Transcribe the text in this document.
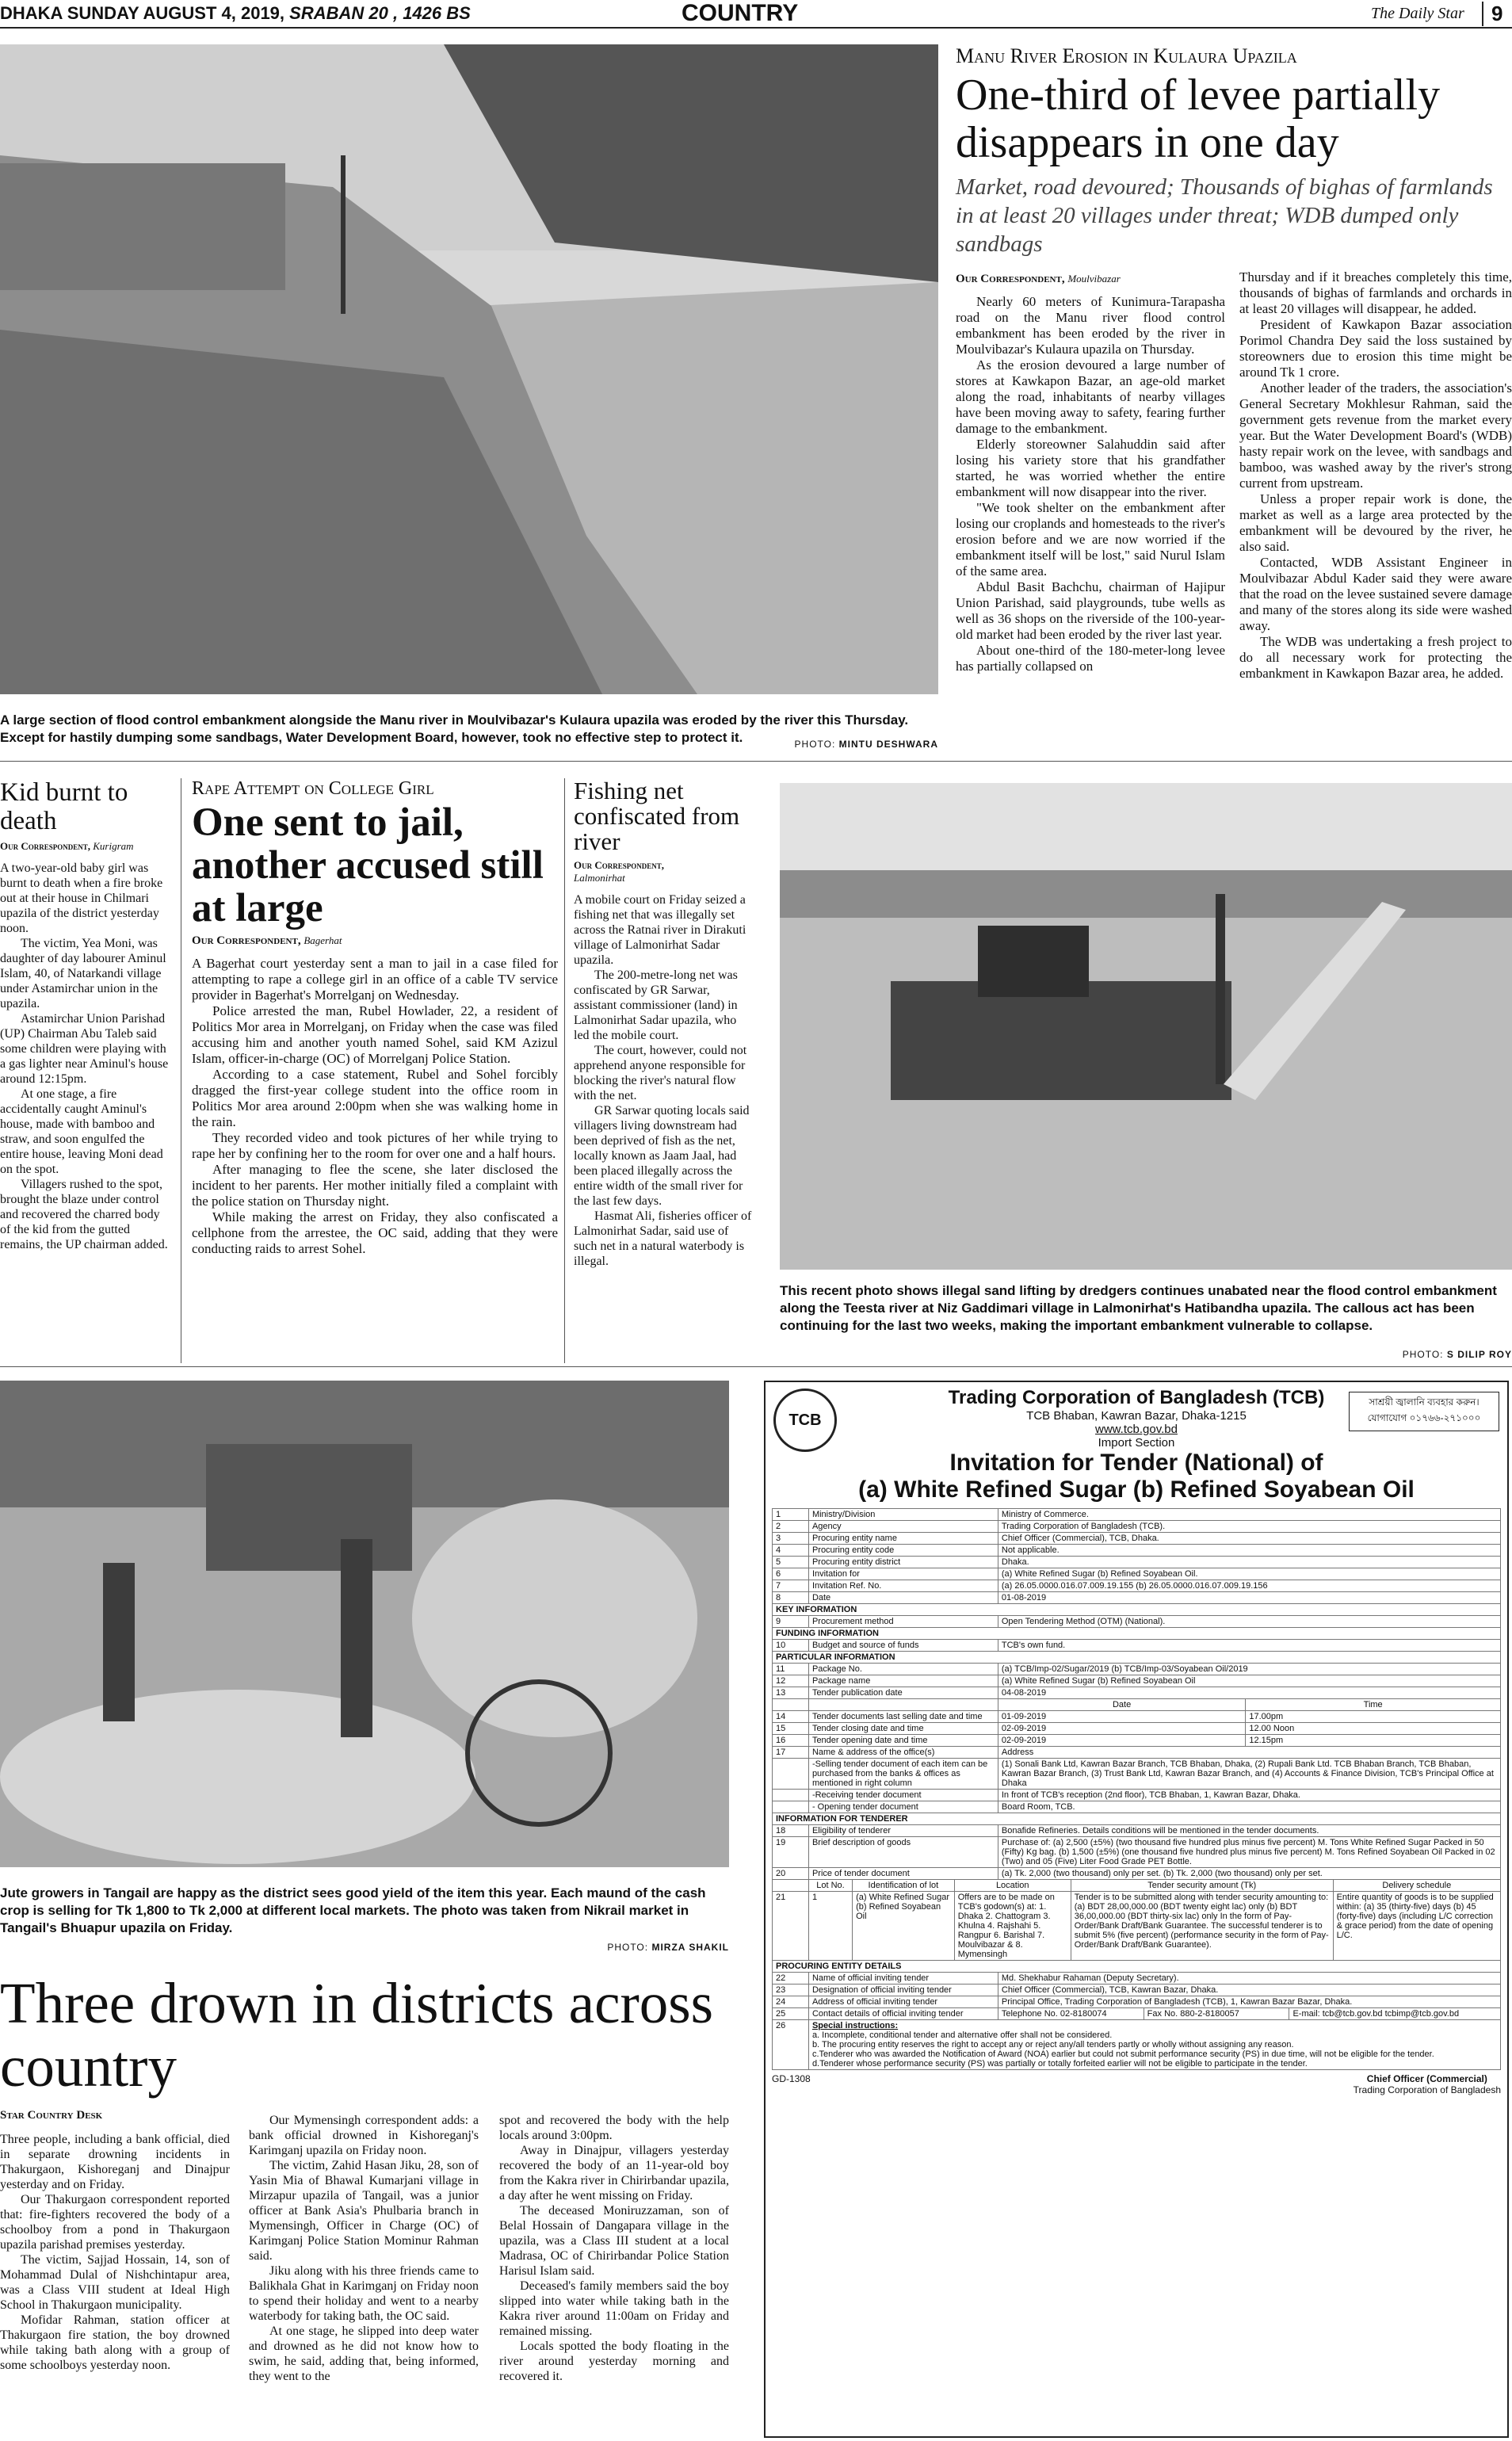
DHAKA SUNDAY AUGUST 4, 2019, SRABAN 20 , 1426 BS	COUNTRY	The Daily Star	9
A large section of flood control embankment alongside the Manu river in Moulvibazar's Kulaura upazila was eroded by the river this Thursday. Except for hastily dumping some sandbags, Water Development Board, however, took no effective step to protect it.	PHOTO: MINTU DESHWARA
Manu River Erosion in Kulaura Upazila
One-third of levee partially disappears in one day
Market, road devoured; Thousands of bighas of farmlands in at least 20 villages under threat; WDB dumped only sandbags
Our Correspondent, Moulvibazar

Nearly 60 meters of Kunimura-Tarapasha road on the Manu river flood control embankment has been eroded by the river in Moulvibazar's Kulaura upazila on Thursday.

As the erosion devoured a large number of stores at Kawkapon Bazar, an age-old market along the road, inhabitants of nearby villages have been moving away to safety, fearing further damage to the embankment.

Elderly storeowner Salahuddin said after losing his variety store that his grandfather started, he was worried whether the entire embankment will now disappear into the river.

"We took shelter on the embankment after losing our croplands and homesteads to the river's erosion before and we are now worried if the embankment itself will be lost," said Nurul Islam of the same area.

Abdul Basit Bachchu, chairman of Hajipur Union Parishad, said playgrounds, tube wells as well as 36 shops on the riverside of the 100-year-old market had been eroded by the river last year.

About one-third of the 180-meter-long levee has partially collapsed on

Thursday and if it breaches completely this time, thousands of bighas of farmlands and orchards in at least 20 villages will disappear, he added.

President of Kawkapon Bazar association Porimol Chandra Dey said the loss sustained by storeowners due to erosion this time might be around Tk 1 crore.

Another leader of the traders, the association's General Secretary Mokhlesur Rahman, said the government gets revenue from the market every year. But the Water Development Board's (WDB) hasty repair work on the levee, with sandbags and bamboo, was washed away by the river's strong current from upstream.

Unless a proper repair work is done, the market as well as a large area protected by the embankment will be devoured by the river, he also said.

Contacted, WDB Assistant Engineer in Moulvibazar Abdul Kader said they were aware that the road on the levee sustained severe damage and many of the stores along its side were washed away.

The WDB was undertaking a fresh project to do all necessary work for protecting the embankment in Kawkapon Bazar area, he added.

Kid burnt to death
Our Correspondent, Kurigram

A two-year-old baby girl was burnt to death when a fire broke out at their house in Chilmari upazila of the district yesterday noon.

The victim, Yea Moni, was daughter of day labourer Aminul Islam, 40, of Natarkandi village under Astamirchar union in the upazila.

Astamirchar Union Parishad (UP) Chairman Abu Taleb said some children were playing with a gas lighter near Aminul's house around 12:15pm.

At one stage, a fire accidentally caught Aminul's house, made with bamboo and straw, and soon engulfed the entire house, leaving Moni dead on the spot.

Villagers rushed to the spot, brought the blaze under control and recovered the charred body of the kid from the gutted remains, the UP chairman added.

Rape Attempt on College Girl
One sent to jail, another accused still at large
Our Correspondent, Bagerhat

A Bagerhat court yesterday sent a man to jail in a case filed for attempting to rape a college girl in an office of a cable TV service provider in Bagerhat's Morrelganj on Wednesday.

Police arrested the man, Rubel Howlader, 22, a resident of Politics Mor area in Morrelganj, on Friday when the case was filed accusing him and another youth named Sohel, said KM Azizul Islam, officer-in-charge (OC) of Morrelganj Police Station.

According to a case statement, Rubel and Sohel forcibly dragged the first-year college student into the office room in Politics Mor area around 2:00pm when she was walking home in the rain.

They recorded video and took pictures of her while trying to rape her by confining her to the room for over one and a half hours.

After managing to flee the scene, she later disclosed the incident to her parents. Her mother initially filed a complaint with the police station on Thursday night.

While making the arrest on Friday, they also confiscated a cellphone from the arrestee, the OC said, adding that they were conducting raids to arrest Sohel.

Fishing net confiscated from river
Our Correspondent,
Lalmonirhat

A mobile court on Friday seized a fishing net that was illegally set across the Ratnai river in Dirakuti village of Lalmonirhat Sadar upazila.

The 200-metre-long net was confiscated by GR Sarwar, assistant commissioner (land) in Lalmonirhat Sadar upazila, who led the mobile court.

The court, however, could not apprehend anyone responsible for blocking the river's natural flow with the net.

GR Sarwar quoting locals said villagers living downstream had been deprived of fish as the net, locally known as Jaam Jaal, had been placed illegally across the entire width of the small river for the last few days.

Hasmat Ali, fisheries officer of Lalmonirhat Sadar, said use of such net in a natural waterbody is illegal.

This recent photo shows illegal sand lifting by dredgers continues unabated near the flood control embankment along the Teesta river at Niz Gaddimari village in Lalmonirhat's Hatibandha upazila. The callous act has been continuing for the last two weeks, making the important embankment vulnerable to collapse.
PHOTO: S DILIP ROY
Jute growers in Tangail are happy as the district sees good yield of the item this year. Each maund of the cash crop is selling for Tk 1,800 to Tk 2,000 at different local markets. The photo was taken from Nikrail market in Tangail's Bhuapur upazila on Friday.
PHOTO: MIRZA SHAKIL
Three drown in districts across country
Star Country Desk

Three people, including a bank official, died in separate drowning incidents in Thakurgaon, Kishoreganj and Dinajpur yesterday and on Friday.

Our Thakurgaon correspondent reported that: fire-fighters recovered the body of a schoolboy from a pond in Thakurgaon upazila parishad premises yesterday.

The victim, Sajjad Hossain, 14, son of Mohammad Dulal of Nishchintapur area, was a Class VIII student at Ideal High School in Thakurgaon municipality.

Mofidar Rahman, station officer at Thakurgaon fire station, the boy drowned while taking bath along with a group of some schoolboys yesterday noon.

Our Mymensingh correspondent adds: a bank official drowned in Kishoreganj's Karimganj upazila on Friday noon.

The victim, Zahid Hasan Jiku, 28, son of Yasin Mia of Bhawal Kumarjani village in Mirzapur upazila of Tangail, was a junior officer at Bank Asia's Phulbaria branch in Mymensingh, Officer in Charge (OC) of Karimganj Police Station Mominur Rahman said.

Jiku along with his three friends came to Balikhala Ghat in Karimganj on Friday noon to spend their holiday and went to a nearby waterbody for taking bath, the OC said.

At one stage, he slipped into deep water and drowned as he did not know how to swim, he said, adding that, being informed, they went to the

spot and recovered the body with the help locals around 3:00pm.

Away in Dinajpur, villagers yesterday recovered the body of an 11-year-old boy from the Kakra river in Chirirbandar upazila, a day after he went missing on Friday.

The deceased Moniruzzaman, son of Belal Hossain of Dangapara village in the upazila, was a Class III student at a local Madrasa, OC of Chirirbandar Police Station Harisul Islam said.

Deceased's family members said the boy slipped into water while taking bath in the Kakra river around 11:00am on Friday and remained missing.

Locals spotted the body floating in the river around yesterday morning and recovered it.

TCB
সাশ্রয়ী জ্বালানি ব্যবহার করুন। যোগাযোগ ০১৭৬৬-২৭১০০০
Trading Corporation of Bangladesh (TCB)
TCB Bhaban, Kawran Bazar, Dhaka-1215
www.tcb.gov.bd
Import Section
Invitation for Tender (National) of
(a) White Refined Sugar (b) Refined Soyabean Oil
1	Ministry/Division	Ministry of Commerce.
2	Agency	Trading Corporation of Bangladesh (TCB).
3	Procuring entity name	Chief Officer (Commercial), TCB, Dhaka.
4	Procuring entity code	Not applicable.
5	Procuring entity district	Dhaka.
6	Invitation for	(a) White Refined Sugar (b) Refined Soyabean Oil.
7	Invitation Ref. No.	(a) 26.05.0000.016.07.009.19.155 (b) 26.05.0000.016.07.009.19.156
8	Date	01-08-2019
KEY INFORMATION		
9	Procurement method	Open Tendering Method (OTM) (National).
FUNDING INFORMATION		
10	Budget and source of funds	TCB's own fund.
PARTICULAR INFORMATION		
11	Package No.	(a) TCB/Imp-02/Sugar/2019 (b) TCB/Imp-03/Soyabean Oil/2019
12	Package name	(a) White Refined Sugar (b) Refined Soyabean Oil
13	Tender publication date	04-08-2019
		Date	Time
14	Tender documents last selling date and time	01-09-2019	17.00pm
15	Tender closing date and time	02-09-2019	12.00 Noon
16	Tender opening date and time	02-09-2019	12.15pm
17	Name & address of the office(s)	Address
	-Selling tender document of each item can be purchased from the banks & offices as mentioned in right column	(1) Sonali Bank Ltd, Kawran Bazar Branch, TCB Bhaban, Dhaka, (2) Rupali Bank Ltd. TCB Bhaban Branch, TCB Bhaban, Kawran Bazar Branch, (3) Trust Bank Ltd, Kawran Bazar Branch, and (4) Accounts & Finance Division, TCB's Principal Office at Dhaka
	-Receiving tender document	In front of TCB's reception (2nd floor), TCB Bhaban, 1, Kawran Bazar, Dhaka.
	- Opening tender document	Board Room, TCB.
INFORMATION FOR TENDERER		
18	Eligibility of tenderer	Bonafide Refineries. Details conditions will be mentioned in the tender documents.
19	Brief description of goods	Purchase of: (a) 2,500 (±5%) (two thousand five hundred plus minus five percent) M. Tons White Refined Sugar Packed in 50 (Fifty) Kg bag. (b) 1,500 (±5%) (one thousand five hundred plus minus five percent) M. Tons Refined Soyabean Oil Packed in 02 (Two) and 05 (Five) Liter Food Grade PET Bottle.
20	Price of tender document	(a) Tk. 2,000 (two thousand) only per set. (b) Tk. 2,000 (two thousand) only per set.
	Lot No.	Identification of lot	Location	Tender security amount (Tk)	Delivery schedule
21	1	(a) White Refined Sugar (b) Refined Soyabean Oil	Offers are to be made on TCB's godown(s) at: 1. Dhaka 2. Chattogram 3. Khulna 4. Rajshahi 5. Rangpur 6. Barishal 7. Moulvibazar & 8. Mymensingh	Tender is to be submitted along with tender security amounting to: (a) BDT 28,00,000.00 (BDT twenty eight lac) only (b) BDT 36,00,000.00 (BDT thirty-six lac) only In the form of Pay-Order/Bank Draft/Bank Guarantee. The successful tenderer is to submit 5% (five percent) (performance security in the form of Pay-Order/Bank Draft/Bank Guarantee).	Entire quantity of goods is to be supplied within: (a) 35 (thirty-five) days (b) 45 (forty-five) days (including L/C correction & grace period) from the date of opening L/C.
PROCURING ENTITY DETAILS		
22	Name of official inviting tender	Md. Shekhabur Rahaman (Deputy Secretary).
23	Designation of official inviting tender	Chief Officer (Commercial), TCB, Kawran Bazar, Dhaka.
24	Address of official inviting tender	Principal Office, Trading Corporation of Bangladesh (TCB), 1, Kawran Bazar Bazar, Dhaka.
25	Contact details of official inviting tender	Telephone No. 02-8180074	Fax No. 880-2-8180057	E-mail: tcb@tcb.gov.bd tcbimp@tcb.gov.bd
26	Special instructions:
a. Incomplete, conditional tender and alternative offer shall not be considered.
b. The procuring entity reserves the right to accept any or reject any/all tenders partly or wholly without assigning any reason.
c.Tenderer who was awarded the Notification of Award (NOA) earlier but could not submit performance security (PS) in due time, will not be eligible for the tender.
d.Tenderer whose performance security (PS) was partially or totally forfeited earlier will not be eligible to participate in the tender.			
GD-1308	Chief Officer (Commercial)
Trading Corporation of Bangladesh
